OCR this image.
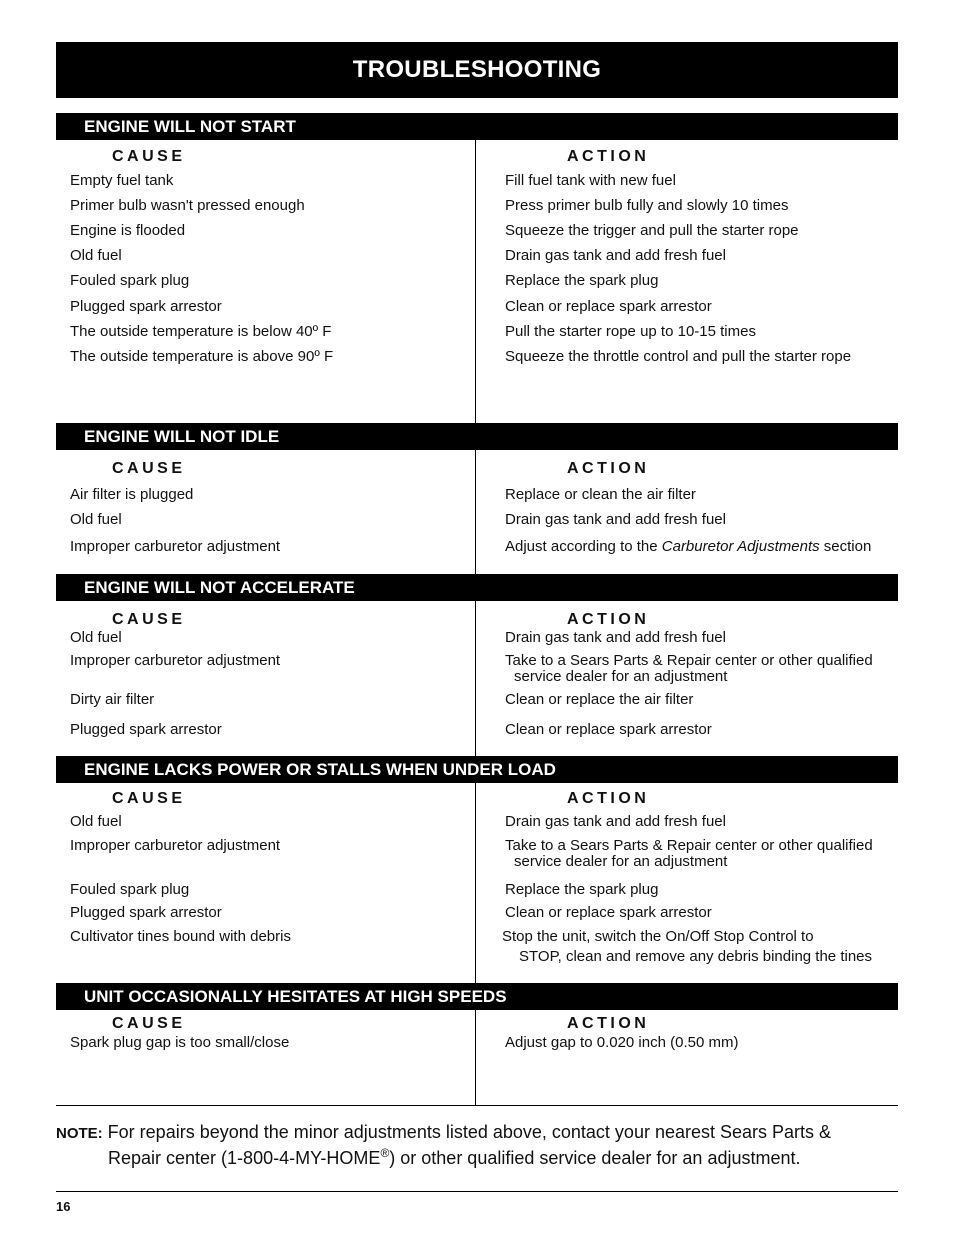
TROUBLESHOOTING
ENGINE WILL NOT START
CAUSE	ACTION
Empty fuel tank	Fill fuel tank with new fuel
Primer bulb wasn't pressed enough	Press primer bulb fully and slowly 10 times
Engine is flooded	Squeeze the trigger and pull the starter rope
Old fuel	Drain gas tank and add fresh fuel
Fouled spark plug	Replace the spark plug
Plugged spark arrestor	Clean or replace spark arrestor
The outside temperature is below 40º F	Pull the starter rope up to 10-15 times
The outside temperature is above 90º F	Squeeze the throttle control and pull the starter rope
ENGINE WILL NOT IDLE
CAUSE	ACTION
Air filter is plugged	Replace or clean the air filter
Old fuel	Drain gas tank and add fresh fuel
Improper carburetor adjustment	Adjust according to the Carburetor Adjustments section
ENGINE WILL NOT ACCELERATE
CAUSE	ACTION
Old fuel	Drain gas tank and add fresh fuel
Improper carburetor adjustment	Take to a Sears Parts & Repair center or other qualified
service dealer for an adjustment
Dirty air filter	Clean or replace the air filter
Plugged spark arrestor	Clean or replace spark arrestor
ENGINE LACKS POWER OR STALLS WHEN UNDER LOAD
CAUSE	ACTION
Old fuel	Drain gas tank and add fresh fuel
Improper carburetor adjustment	Take to a Sears Parts & Repair center or other qualified
service dealer for an adjustment
Fouled spark plug	Replace the spark plug
Plugged spark arrestor	Clean or replace spark arrestor
Cultivator tines bound with debris	Stop the unit, switch the On/Off Stop Control to
STOP, clean and remove any debris binding the tines
UNIT OCCASIONALLY HESITATES AT HIGH SPEEDS
CAUSE	ACTION
Spark plug gap is too small/close	Adjust gap to 0.020 inch (0.50 mm)
NOTE: For repairs beyond the minor adjustments listed above, contact your nearest Sears Parts &
Repair center (1-800-4-MY-HOME®) or other qualified service dealer for an adjustment.
16
